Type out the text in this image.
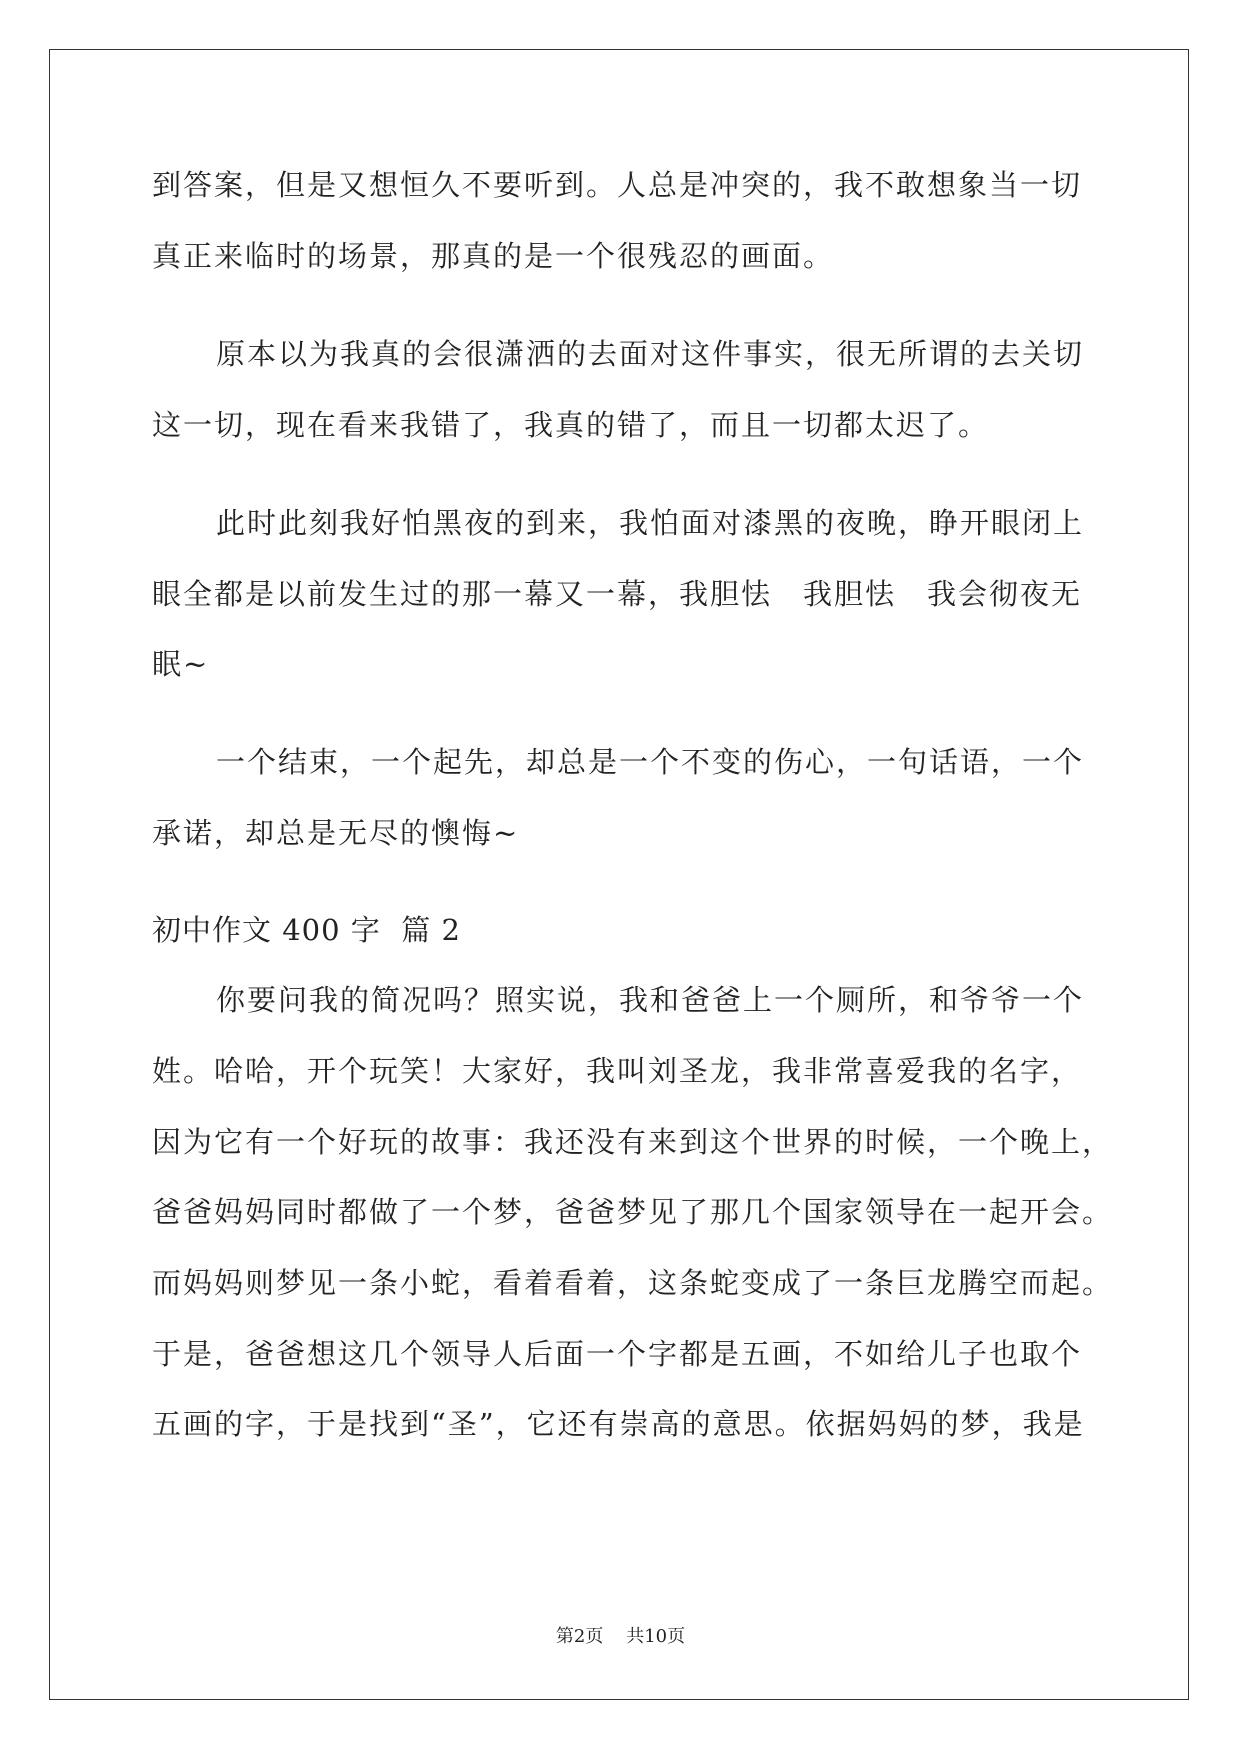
到答案，但是又想恒久不要听到。人总是冲突的，我不敢想象当一切
真正来临时的场景，那真的是一个很残忍的画面。
原本以为我真的会很潇洒的去面对这件事实，很无所谓的去关切
这一切，现在看来我错了，我真的错了，而且一切都太迟了。
此时此刻我好怕黑夜的到来，我怕面对漆黑的夜晚，睁开眼闭上
眼全都是以前发生过的那一幕又一幕，我胆怯　我胆怯　我会彻夜无
眠~
一个结束，一个起先，却总是一个不变的伤心，一句话语，一个
承诺，却总是无尽的懊悔~
初中作文 400 字  篇 2
你要问我的简况吗？照实说，我和爸爸上一个厕所，和爷爷一个
姓。哈哈，开个玩笑！大家好，我叫刘圣龙，我非常喜爱我的名字，
因为它有一个好玩的故事：我还没有来到这个世界的时候，一个晚上，
爸爸妈妈同时都做了一个梦，爸爸梦见了那几个国家领导在一起开会。
而妈妈则梦见一条小蛇，看着看着，这条蛇变成了一条巨龙腾空而起。
于是，爸爸想这几个领导人后面一个字都是五画，不如给儿子也取个
五画的字，于是找到“圣”，它还有崇高的意思。依据妈妈的梦，我是
第2页 共10页
